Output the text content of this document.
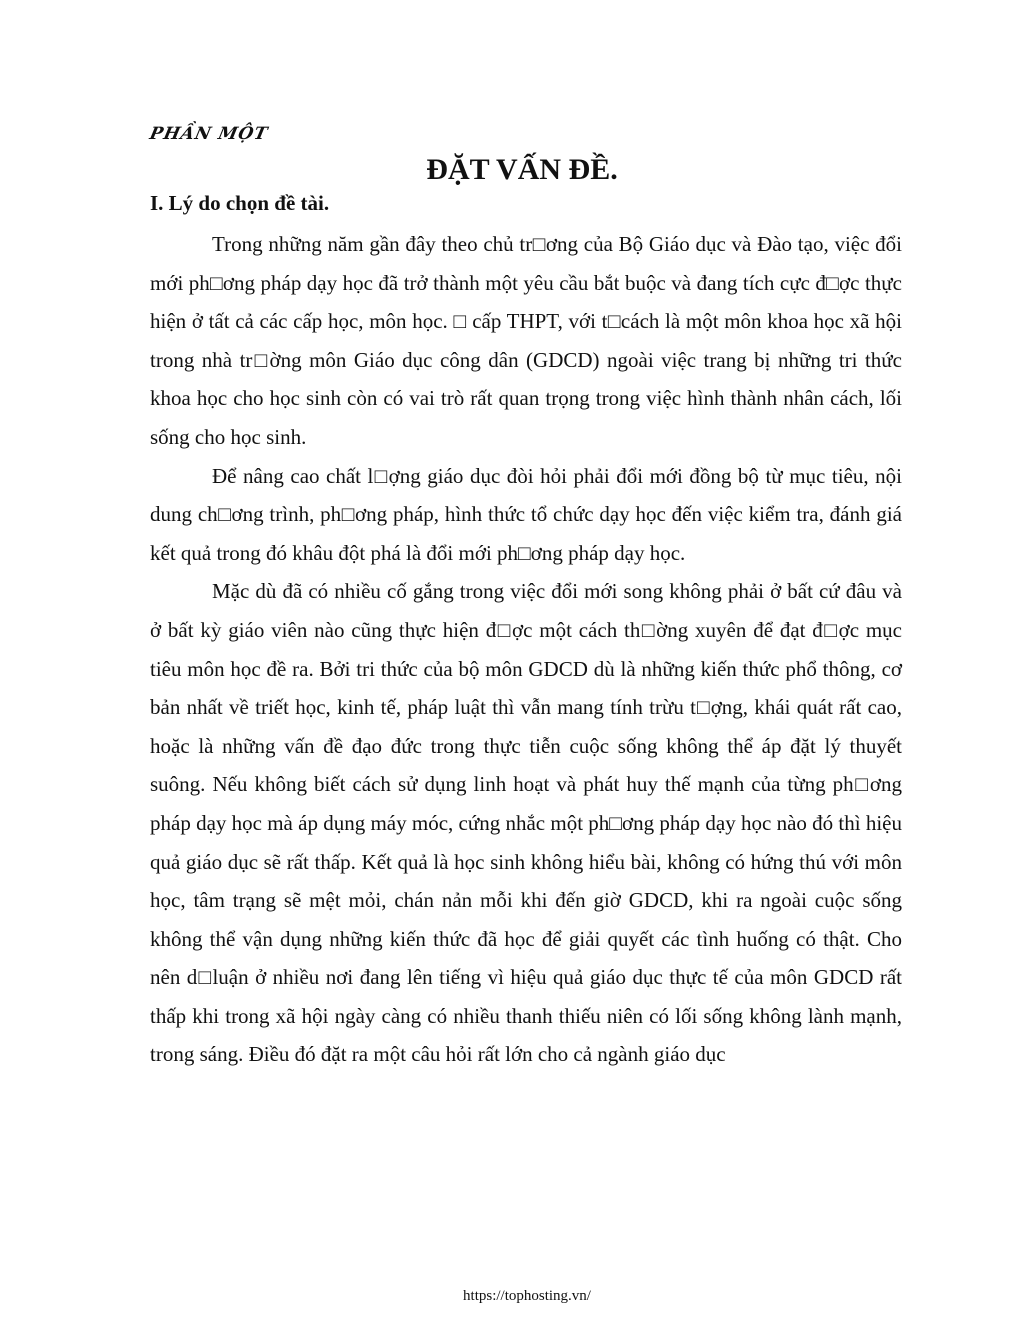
PHẦN MỘT
ĐẶT VẤN ĐỀ.
I. Lý do chọn đề tài.

Trong những năm gần đây theo chủ tr□ơng của Bộ Giáo dục và Đào tạo, việc đổi mới ph□ơng pháp dạy học đã trở thành một yêu cầu bắt buộc và đang tích cực đ□ợc thực hiện ở tất cả các cấp học, môn học. □ cấp THPT, với t□cách là một môn khoa học xã hội trong nhà tr□ờng môn Giáo dục công dân (GDCD) ngoài việc trang bị những tri thức khoa học cho học sinh còn có vai trò rất quan trọng trong việc hình thành nhân cách, lối sống cho học sinh.

Để nâng cao chất l□ợng giáo dục đòi hỏi phải đổi mới đồng bộ từ mục tiêu, nội dung ch□ơng trình, ph□ơng pháp, hình thức tổ chức dạy học đến việc kiểm tra, đánh giá kết quả trong đó khâu đột phá là đổi mới ph□ơng pháp dạy học.

Mặc dù đã có nhiều cố gắng trong việc đổi mới song không phải ở bất cứ đâu và ở bất kỳ giáo viên nào cũng thực hiện đ□ợc một cách th□ờng xuyên để đạt đ□ợc mục tiêu môn học đề ra. Bởi tri thức của bộ môn GDCD dù là những kiến thức phổ thông, cơ bản nhất về triết học, kinh tế, pháp luật thì vẫn mang tính trừu t□ợng, khái quát rất cao, hoặc là những vấn đề đạo đức trong thực tiễn cuộc sống không thể áp đặt lý thuyết suông. Nếu không biết cách sử dụng linh hoạt và phát huy thế mạnh của từng ph□ơng pháp dạy học mà áp dụng máy móc, cứng nhắc một ph□ơng pháp dạy học nào đó thì hiệu quả giáo dục sẽ rất thấp. Kết quả là học sinh không hiểu bài, không có hứng thú với môn học, tâm trạng sẽ mệt mỏi, chán nản mỗi khi đến giờ GDCD, khi ra ngoài cuộc sống không thể vận dụng những kiến thức đã học để giải quyết các tình huống có thật. Cho nên d□luận ở nhiều nơi đang lên tiếng vì hiệu quả giáo dục thực tế của môn GDCD rất thấp khi trong xã hội ngày càng có nhiều thanh thiếu niên có lối sống không lành mạnh, trong sáng. Điều đó đặt ra một câu hỏi rất lớn cho cả ngành giáo dục

https://tophosting.vn/
